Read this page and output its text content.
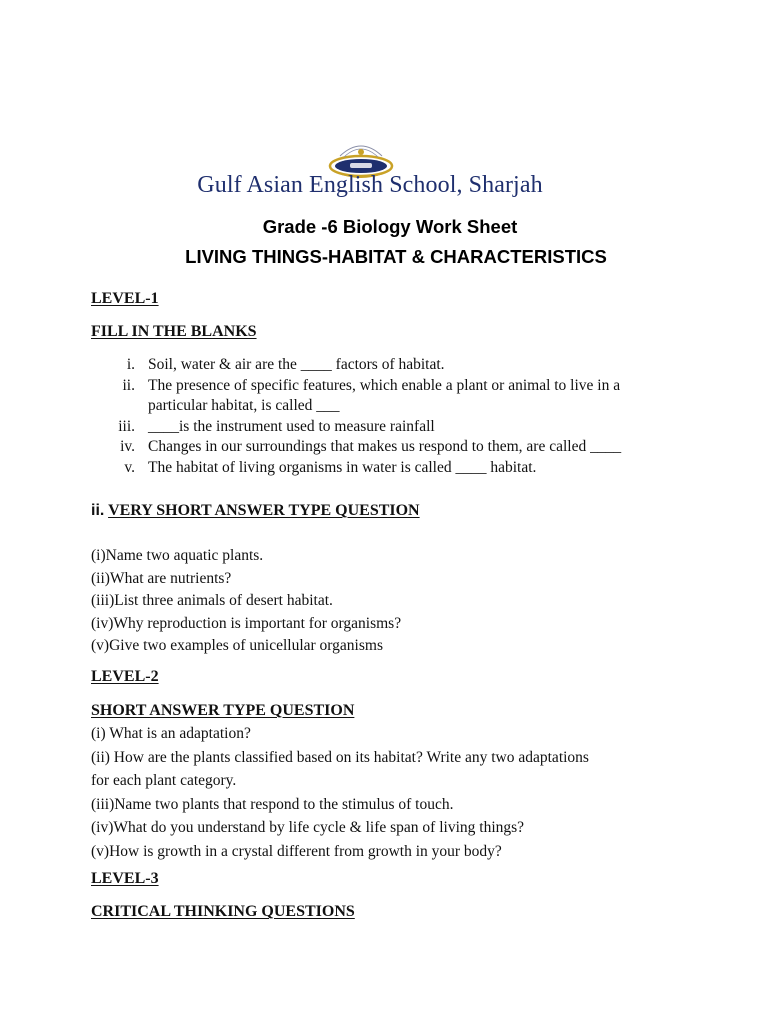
Gulf Asian English School, Sharjah
Grade -6 Biology Work Sheet
LIVING THINGS-HABITAT & CHARACTERISTICS
LEVEL-1
FILL IN THE BLANKS
i. Soil, water & air are the ____ factors of habitat.
ii. The presence of specific features, which enable a plant or animal to live in a
particular habitat, is called ___
iii. ____is the instrument used to measure rainfall
iv. Changes in our surroundings that makes us respond to them, are called ____
v. The habitat of living organisms in water is called ____ habitat.
ii. VERY SHORT ANSWER TYPE QUESTION
(i)Name two aquatic plants.
(ii)What are nutrients?
(iii)List three animals of desert habitat.
(iv)Why reproduction is important for organisms?
(v)Give two examples of unicellular organisms
LEVEL-2
SHORT ANSWER TYPE QUESTION
(i) What is an adaptation?
(ii) How are the plants classified based on its habitat? Write any two adaptations
for each plant category.
(iii)Name two plants that respond to the stimulus of touch.
(iv)What do you understand by life cycle & life span of living things?
(v)How is growth in a crystal different from growth in your body?
LEVEL-3
CRITICAL THINKING QUESTIONS
